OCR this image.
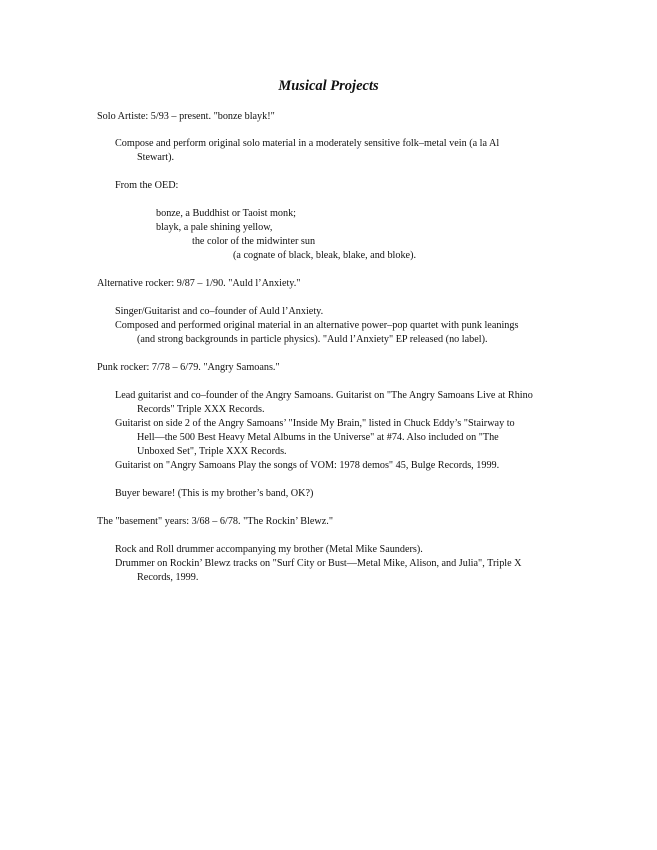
Musical Projects
Solo Artiste: 5/93 – present. "bonze blayk!"
Compose and perform original solo material in a moderately sensitive folk–metal vein (a la Al
Stewart).
From the OED:
bonze, a Buddhist or Taoist monk;
blayk, a pale shining yellow,
the color of the midwinter sun
(a cognate of black, bleak, blake, and bloke).
Alternative rocker: 9/87 – 1/90. "Auld l’Anxiety."
Singer/Guitarist and co–founder of Auld l’Anxiety.
Composed and performed original material in an alternative power–pop quartet with punk leanings
(and strong backgrounds in particle physics). "Auld l’Anxiety" EP released (no label).
Punk rocker: 7/78 – 6/79. "Angry Samoans."
Lead guitarist and co–founder of the Angry Samoans. Guitarist on "The Angry Samoans Live at Rhino
Records" Triple XXX Records.
Guitarist on side 2 of the Angry Samoans’ "Inside My Brain," listed in Chuck Eddy’s "Stairway to
Hell—the 500 Best Heavy Metal Albums in the Universe" at #74. Also included on "The
Unboxed Set", Triple XXX Records.
Guitarist on "Angry Samoans Play the songs of VOM: 1978 demos" 45, Bulge Records, 1999.
Buyer beware! (This is my brother’s band, OK?)
The "basement" years: 3/68 – 6/78. "The Rockin’ Blewz."
Rock and Roll drummer accompanying my brother (Metal Mike Saunders).
Drummer on Rockin’ Blewz tracks on "Surf City or Bust—Metal Mike, Alison, and Julia", Triple X
Records, 1999.
